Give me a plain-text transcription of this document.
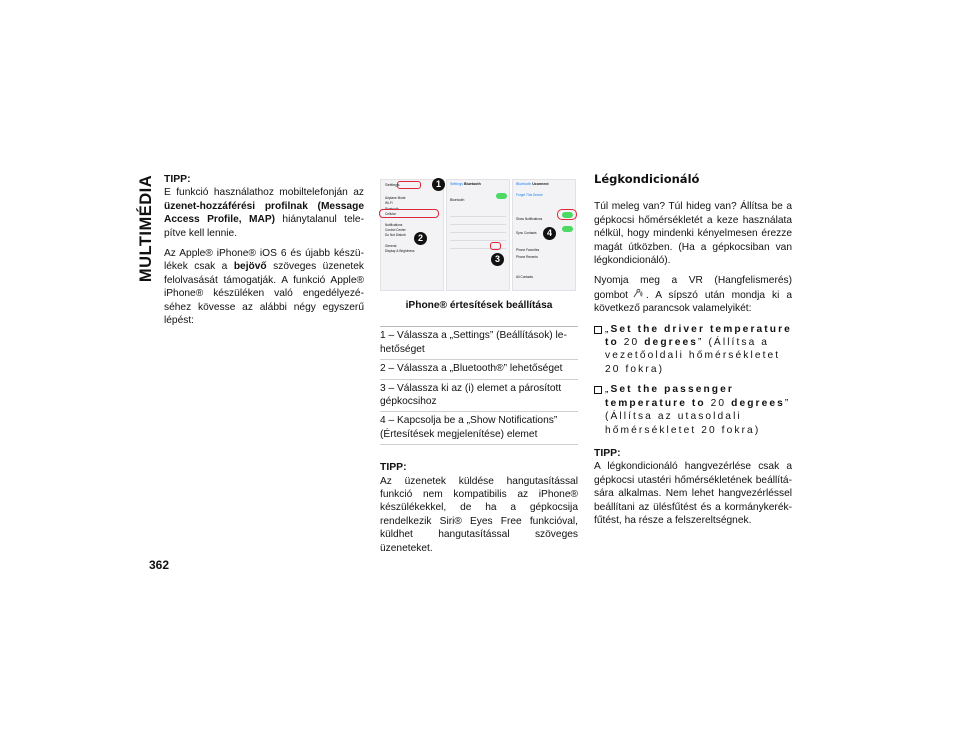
MULTIMÉDIA TIPP:
E funkció használathoz mobiltelefonján az üzenet-hozzáférési profilnak (Message Access Profile, MAP) hiánytalanul telepítve kell lennie.

Az Apple® iPhone® iOS 6 és újabb készülékek csak a bejövő szöveges üzenetek felolvasását támogatják. A funkció Apple® iPhone® készüléken való engedélyezéséhez kövesse az alábbi négy egyszerű lépést:

Settings
Airplane Mode
Wi-Fi
Bluetooth
Cellular
Notifications
Control Center
Do Not Disturb
General
Display & Brightness
Settings Bluetooth
Bluetooth
Bluetooth Uconnect
Forget This Device
Show Notifications
Sync Contacts
Phone Favorites
Phone Recents
All Contacts
1
2
3
4
iPhone® értesítések beállítása
1 – Válassza a „Settings” (Beállítások) lehetőséget
2 – Válassza a „Bluetooth®” lehetőséget
3 – Válassza ki az (i) elemet a párosított gépkocsihoz
4 – Kapcsolja be a „Show Notifications” (Értesítések megjelenítése) elemet

TIPP:
Az üzenetek küldése hangutasítással funkció nem kompatibilis az iPhone® készülékekkel, de ha a gépkocsija rendelkezik Siri® Eyes Free funkcióval, küldhet hangutasítással szöveges üzeneteket.

Légkondicionáló

Túl meleg van? Túl hideg van? Állítsa be a gépkocsi hőmérsékletét a keze használata nélkül, hogy mindenki kényelmesen érezze magát útközben. (Ha a gépkocsiban van légkondicionáló).

Nyomja meg a VR (Hangfelismerés) gombot . A sípszó után mondja ki a következő parancsok valamelyikét:

„Set the driver temperature to 20 degrees” (Állítsa a vezetőoldali hőmérsékletet 20 fokra)

„Set the passenger temperature to 20 degrees” (Állítsa az utasoldali hőmérsékletet 20 fokra)

TIPP:
A légkondicionáló hangvezérlése csak a gépkocsi utastéri hőmérsékletének beállítására alkalmas. Nem lehet hangvezérléssel beállítani az ülésfűtést és a kormánykerékfűtést, ha része a felszereltségnek.

362
